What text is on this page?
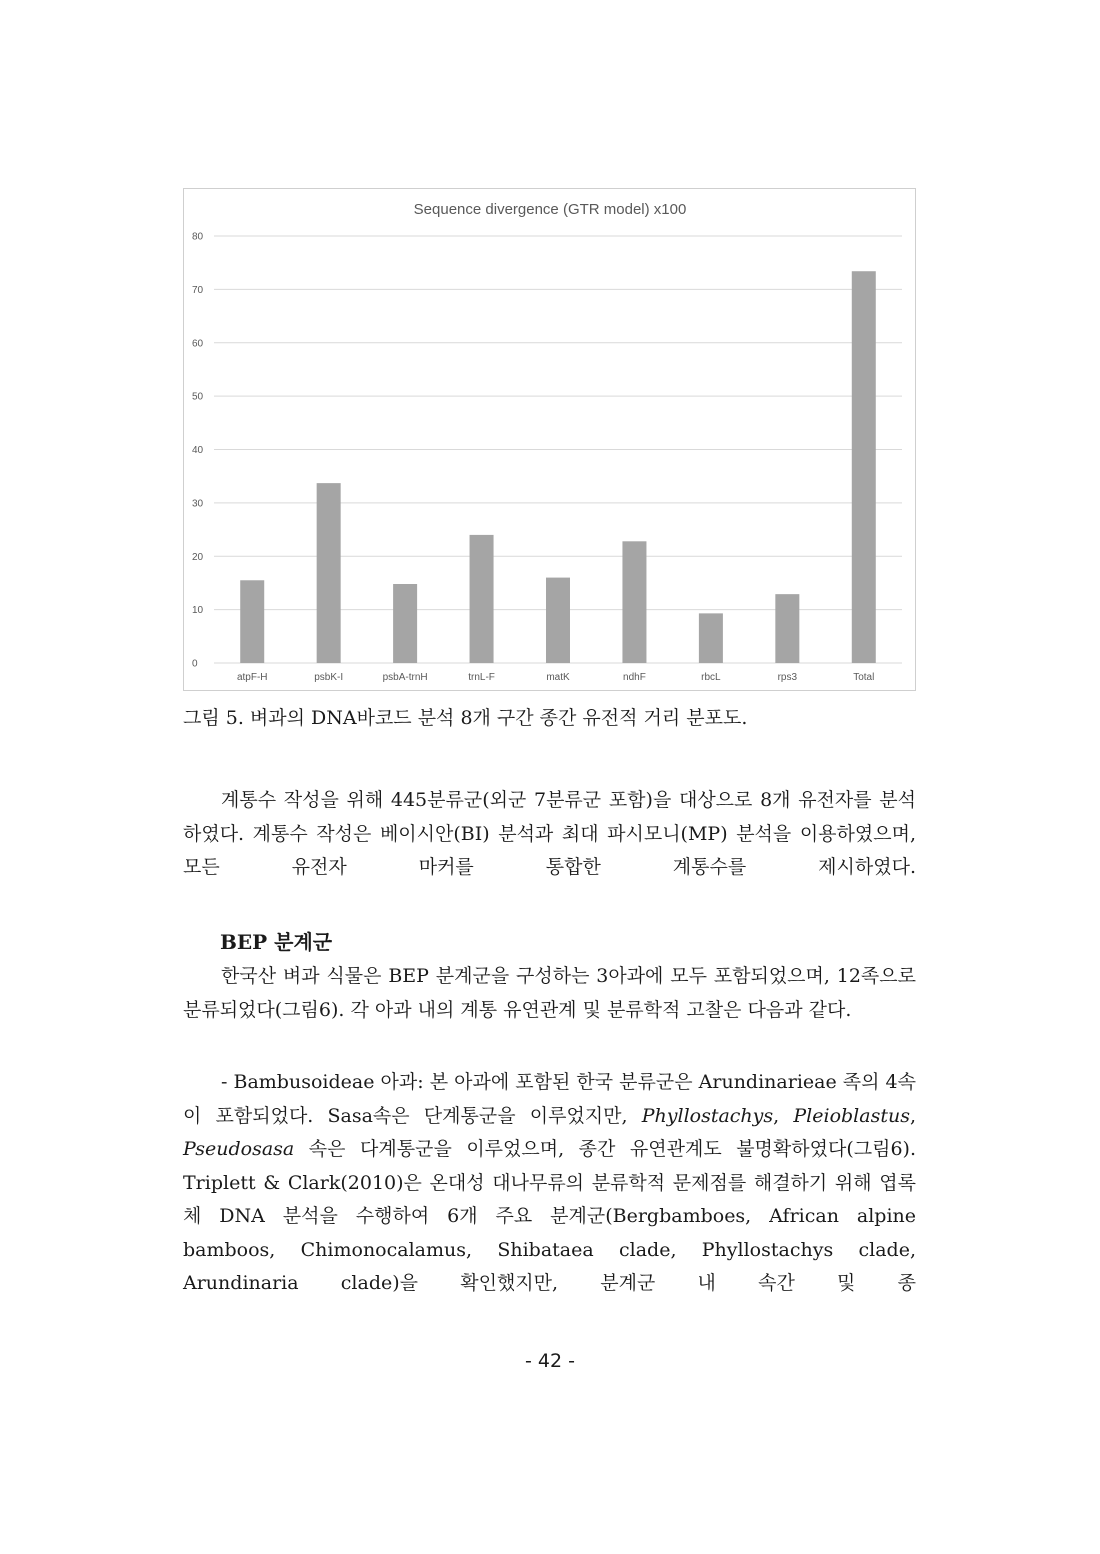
Sequence divergence (GTR model) x100
0
10
20
30
40
50
60
70
80
atpF-H	psbK-I	psbA-trnH	trnL-F	matK	ndhF	rbcL	rps3	Total
그림 5. 벼과의 DNA바코드 분석 8개 구간 종간 유전적 거리 분포도.

계통수 작성을 위해 445분류군(외군 7분류군 포함)을 대상으로 8개 유전자를 분석하였다. 계통수 작성은 베이시안(BI) 분석과 최대 파시모니(MP) 분석을 이용하였으며, 모든 유전자 마커를 통합한 계통수를 제시하였다.

BEP 분계군

한국산 벼과 식물은 BEP 분계군을 구성하는 3아과에 모두 포함되었으며, 12족으로 분류되었다(그림6). 각 아과 내의 계통 유연관계 및 분류학적 고찰은 다음과 같다.

- Bambusoideae 아과: 본 아과에 포함된 한국 분류군은 Arundinarieae 족의 4속이 포함되었다. Sasa속은 단계통군을 이루었지만, Phyllostachys, Pleioblastus, Pseudosasa 속은 다계통군을 이루었으며, 종간 유연관계도 불명확하였다(그림6). Triplett & Clark(2010)은 온대성 대나무류의 분류학적 문제점를 해결하기 위해 엽록체 DNA 분석을 수행하여 6개 주요 분계군(Bergbamboes, African alpine bamboos, Chimonocalamus, Shibataea clade, Phyllostachys clade, Arundinaria clade)을 확인했지만, 분계군 내 속간 및 종

- 42 -
